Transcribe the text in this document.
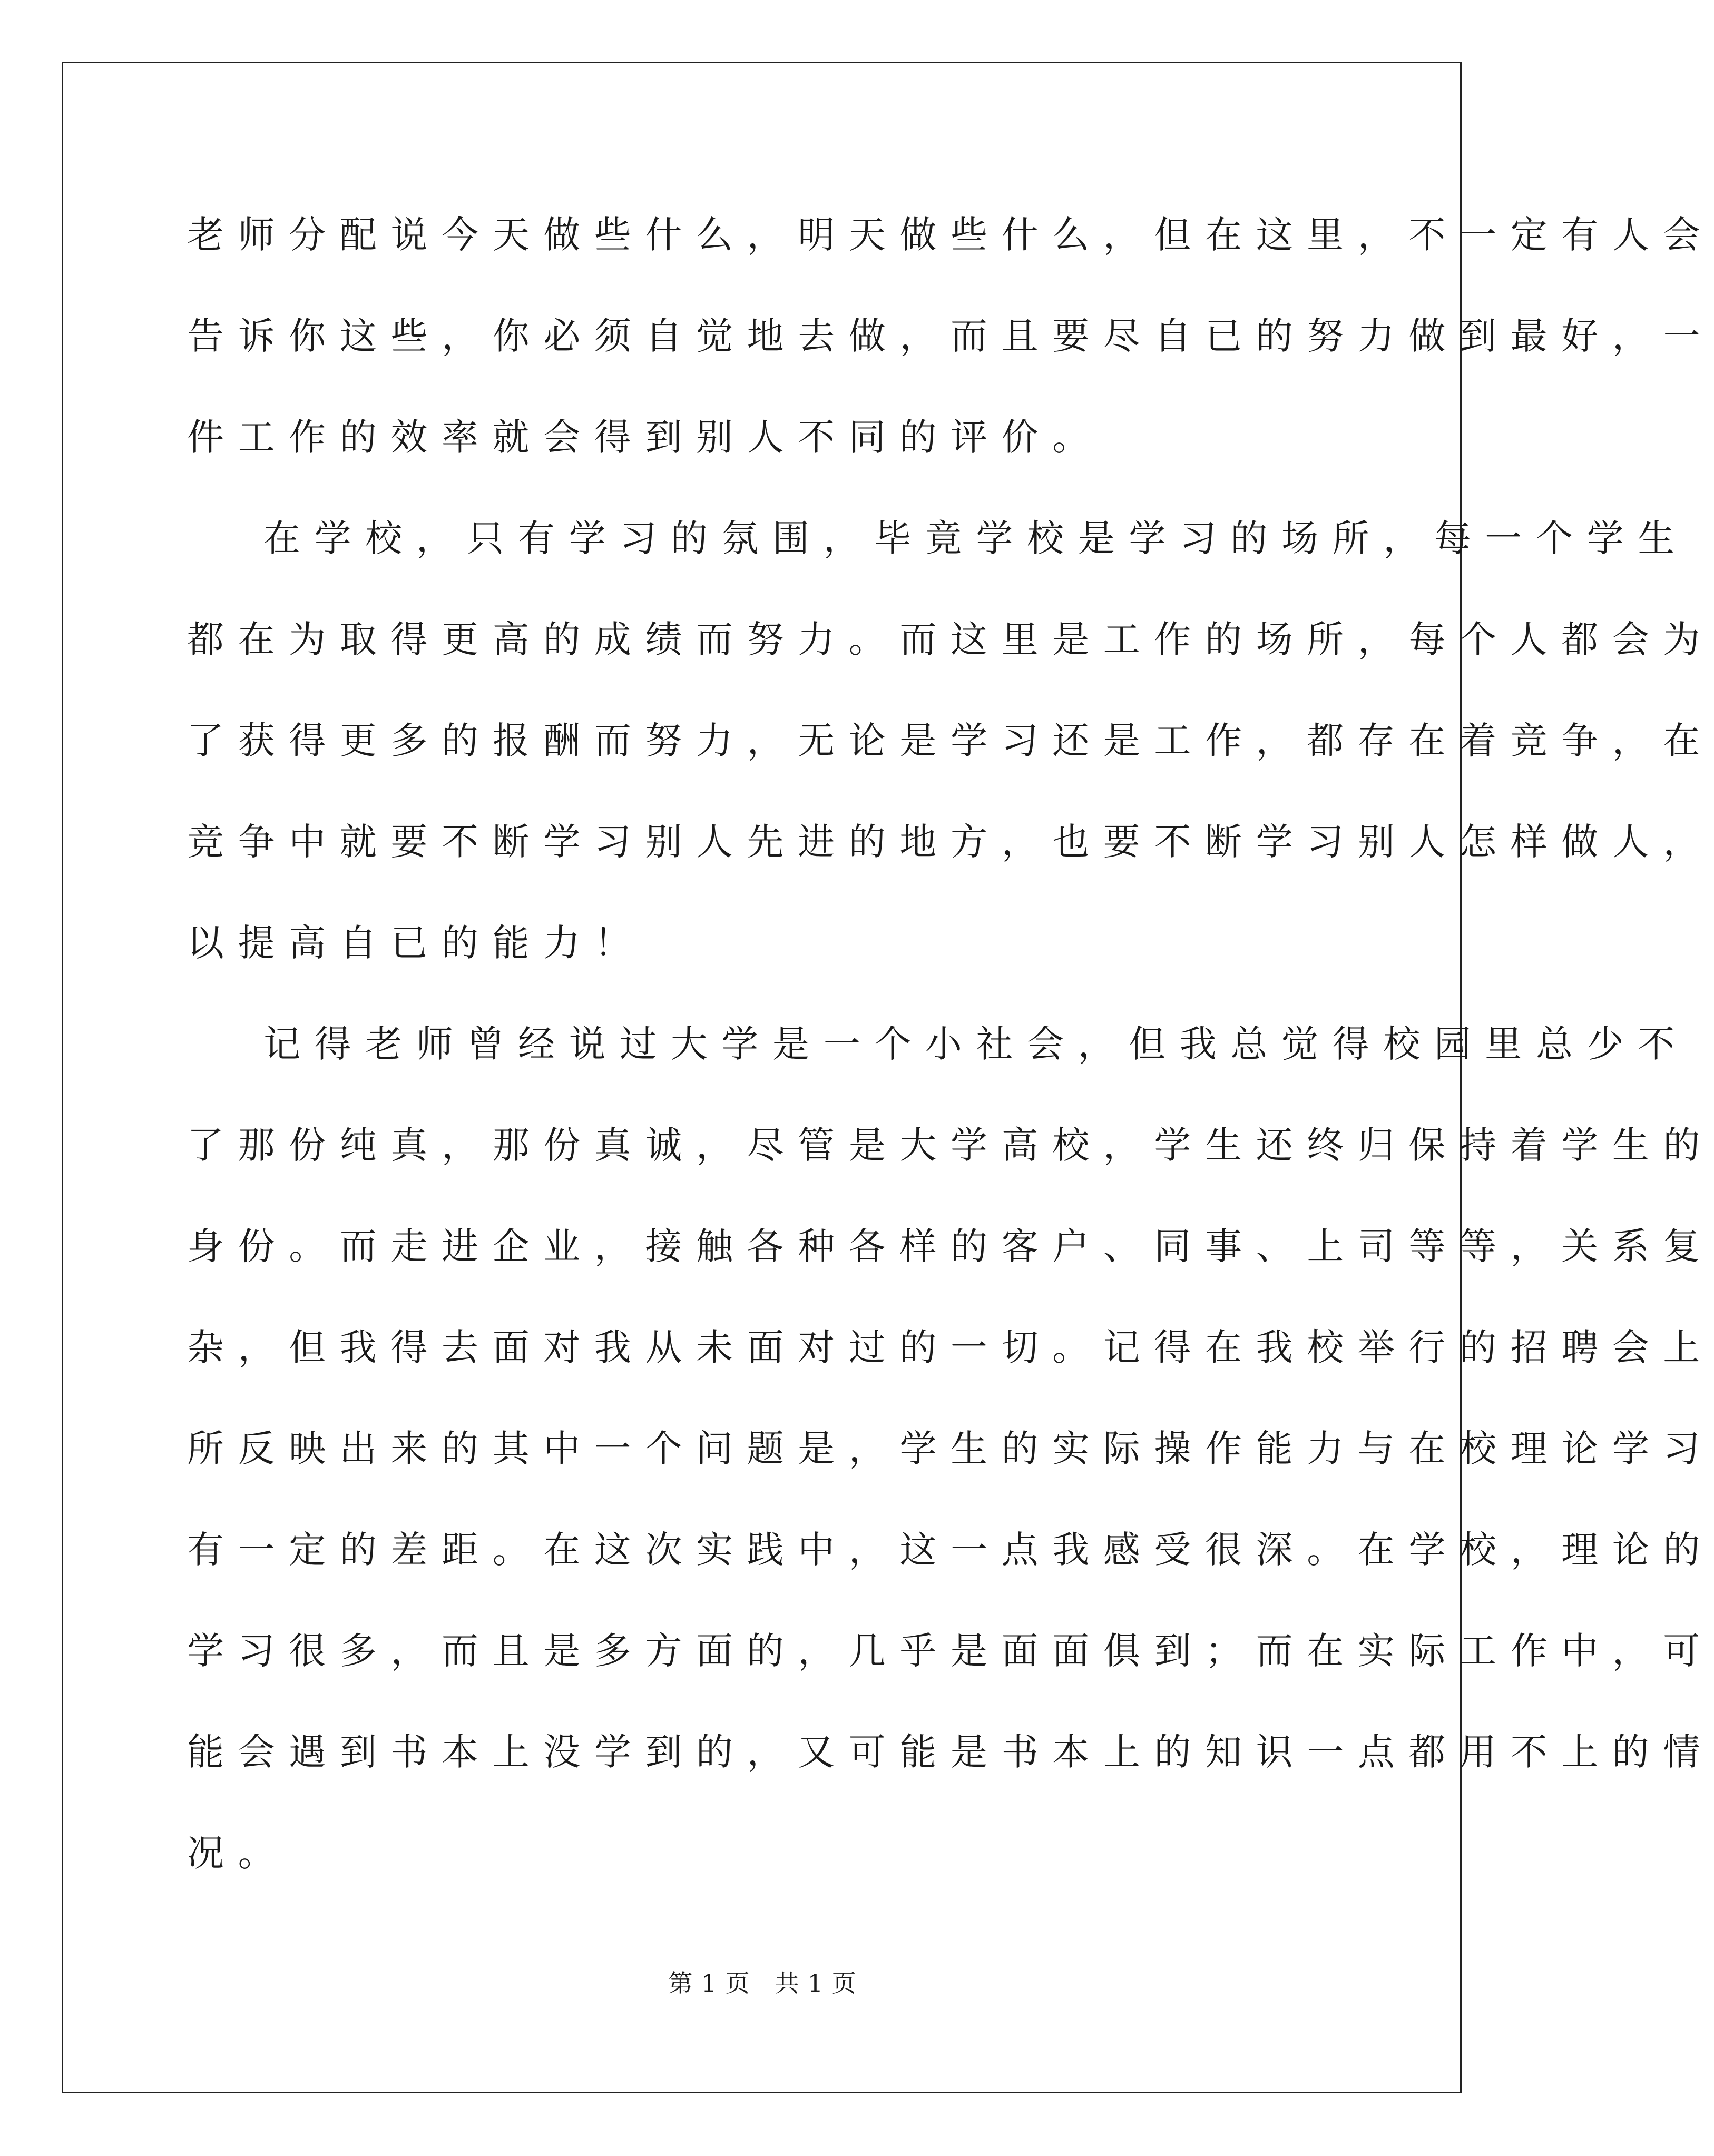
老师分配说今天做些什么，明天做些什么，但在这里，不一定有人会
告诉你这些，你必须自觉地去做，而且要尽自已的努力做到最好，一
件工作的效率就会得到别人不同的评价。
在学校，只有学习的氛围，毕竟学校是学习的场所，每一个学生
都在为取得更高的成绩而努力。而这里是工作的场所，每个人都会为
了获得更多的报酬而努力，无论是学习还是工作，都存在着竞争，在
竞争中就要不断学习别人先进的地方，也要不断学习别人怎样做人，
以提高自已的能力！
记得老师曾经说过大学是一个小社会，但我总觉得校园里总少不
了那份纯真，那份真诚，尽管是大学高校，学生还终归保持着学生的
身份。而走进企业，接触各种各样的客户、同事、上司等等，关系复
杂，但我得去面对我从未面对过的一切。记得在我校举行的招聘会上
所反映出来的其中一个问题是，学生的实际操作能力与在校理论学习
有一定的差距。在这次实践中，这一点我感受很深。在学校，理论的
学习很多，而且是多方面的，几乎是面面俱到；而在实际工作中，可
能会遇到书本上没学到的，又可能是书本上的知识一点都用不上的情
况。
第 1 页　共 1 页
